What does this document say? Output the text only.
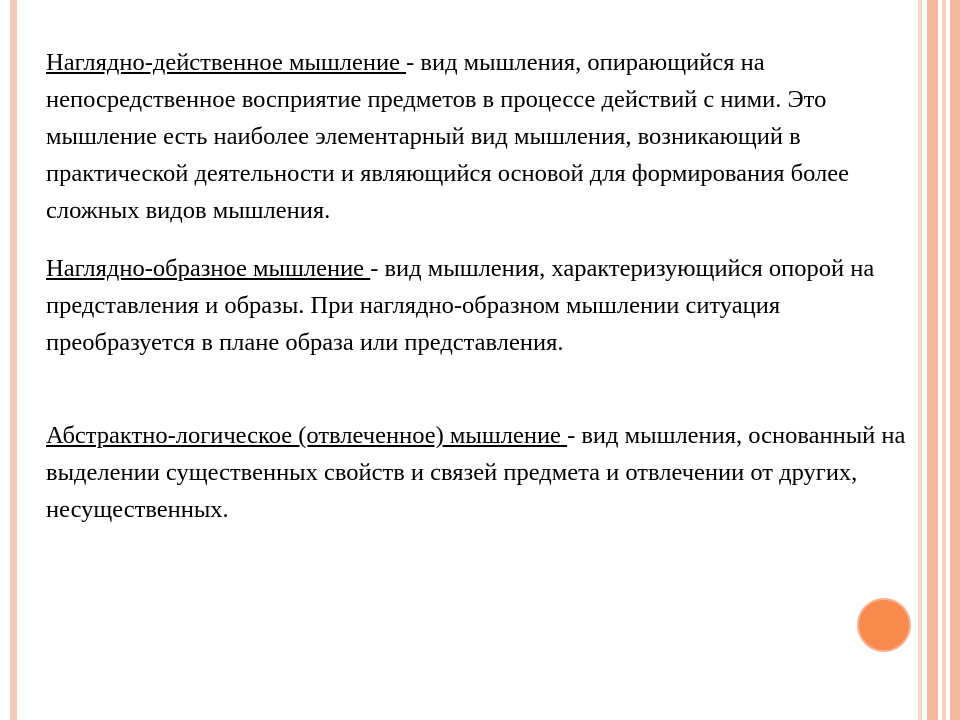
Наглядно-действенное мышление - вид мышления, опирающийся на непосредственное восприятие предметов в процессе действий с ними. Это мышление есть наиболее элементарный вид мышления, возникающий в практической деятельности и являющийся основой для формирования более сложных видов мышления.

Наглядно-образное мышление - вид мышления, характеризующийся опорой на представления и образы. При наглядно-образном мышлении ситуация преобразуется в плане образа или представления.

Абстрактно-логическое (отвлеченное) мышление - вид мышления, основанный на выделении существенных свойств и связей предмета и отвлечении от других, несущественных.
